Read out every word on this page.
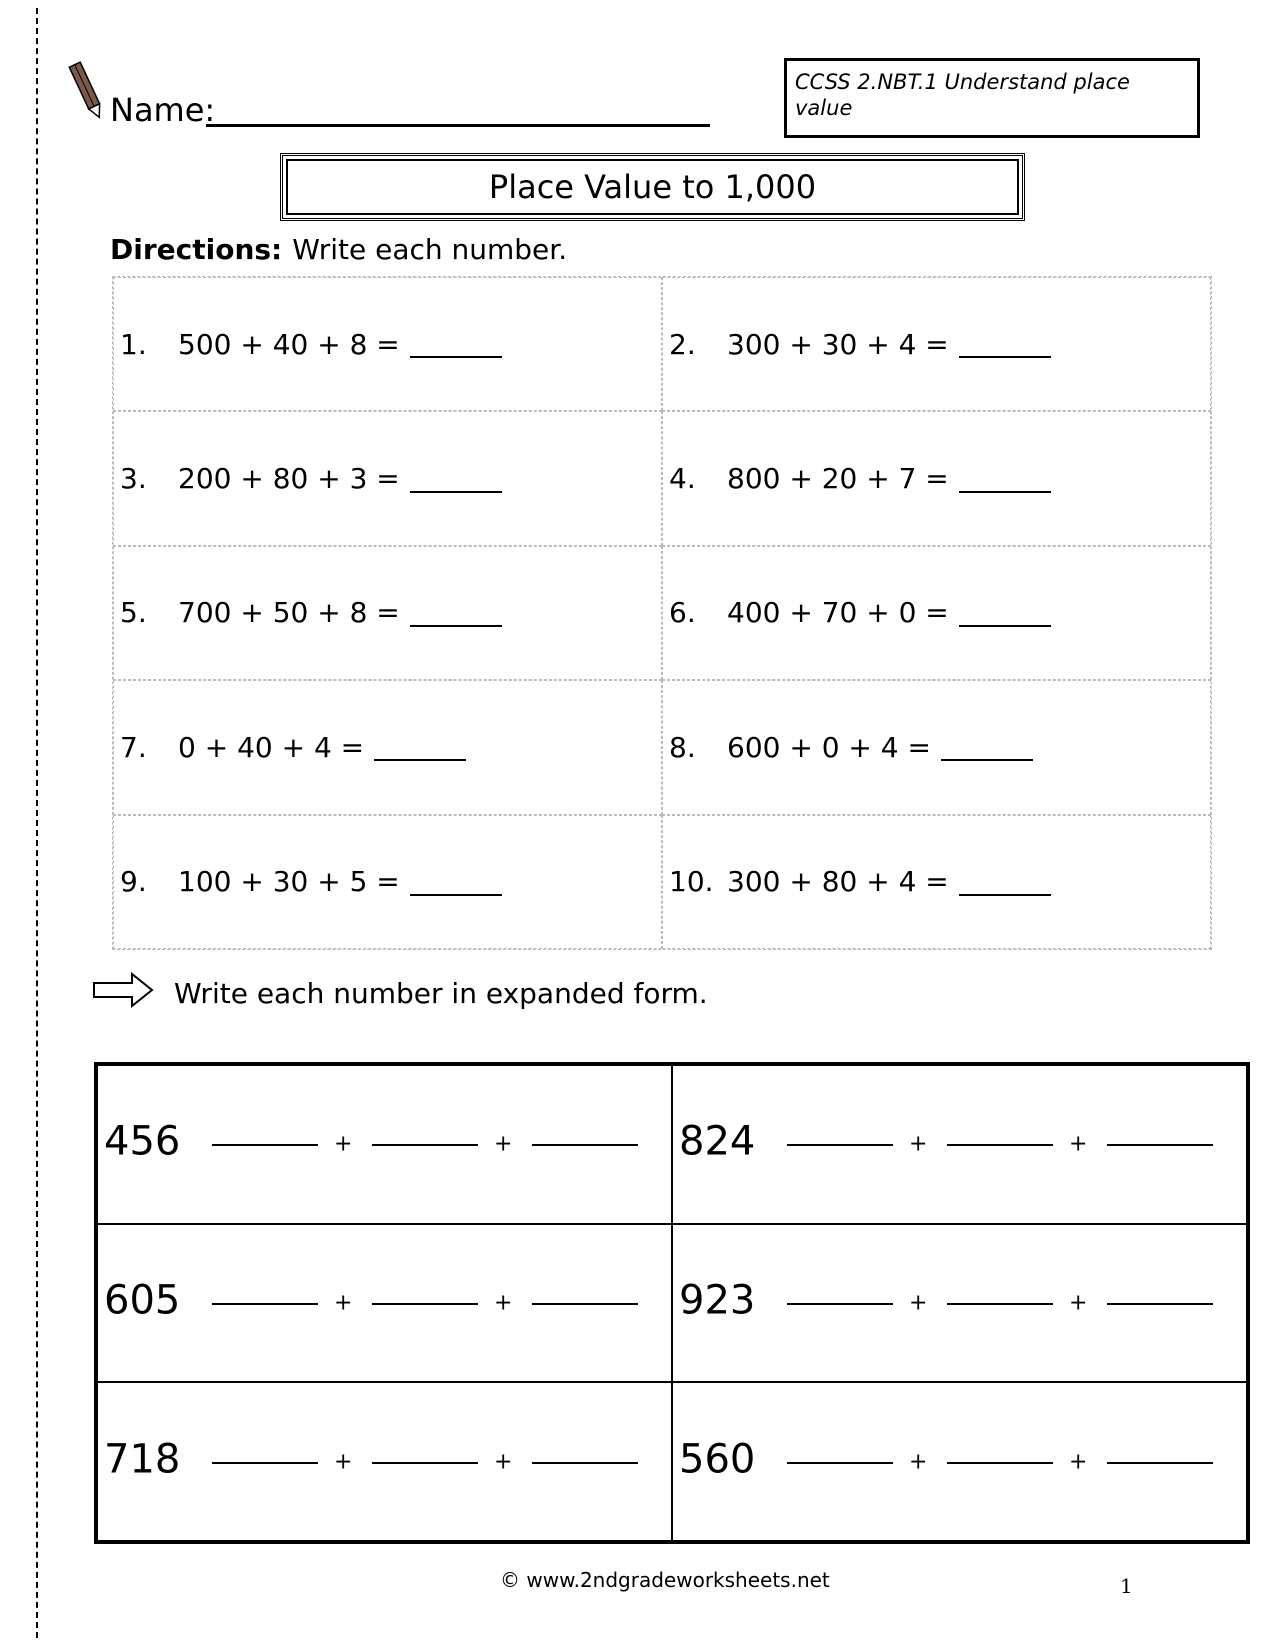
Name:
CCSS 2.NBT.1 Understand place value
Place Value to 1,000
Directions: Write each number.
1.	500 + 40 + 8 =	2.	300 + 30 + 4 =
3.	200 + 80 + 3 =	4.	800 + 20 + 7 =
5.	700 + 50 + 8 =	6.	400 + 70 + 0 =
7.	0 + 40 + 4 =	8.	600 + 0 + 4 =
9.	100 + 30 + 5 =	10. 300 + 80 + 4 =
Write each number in expanded form.
456	+	+	824	+	+
605	+	+	923	+	+
718	+	+	560	+	+
© www.2ndgradeworksheets.net	1
